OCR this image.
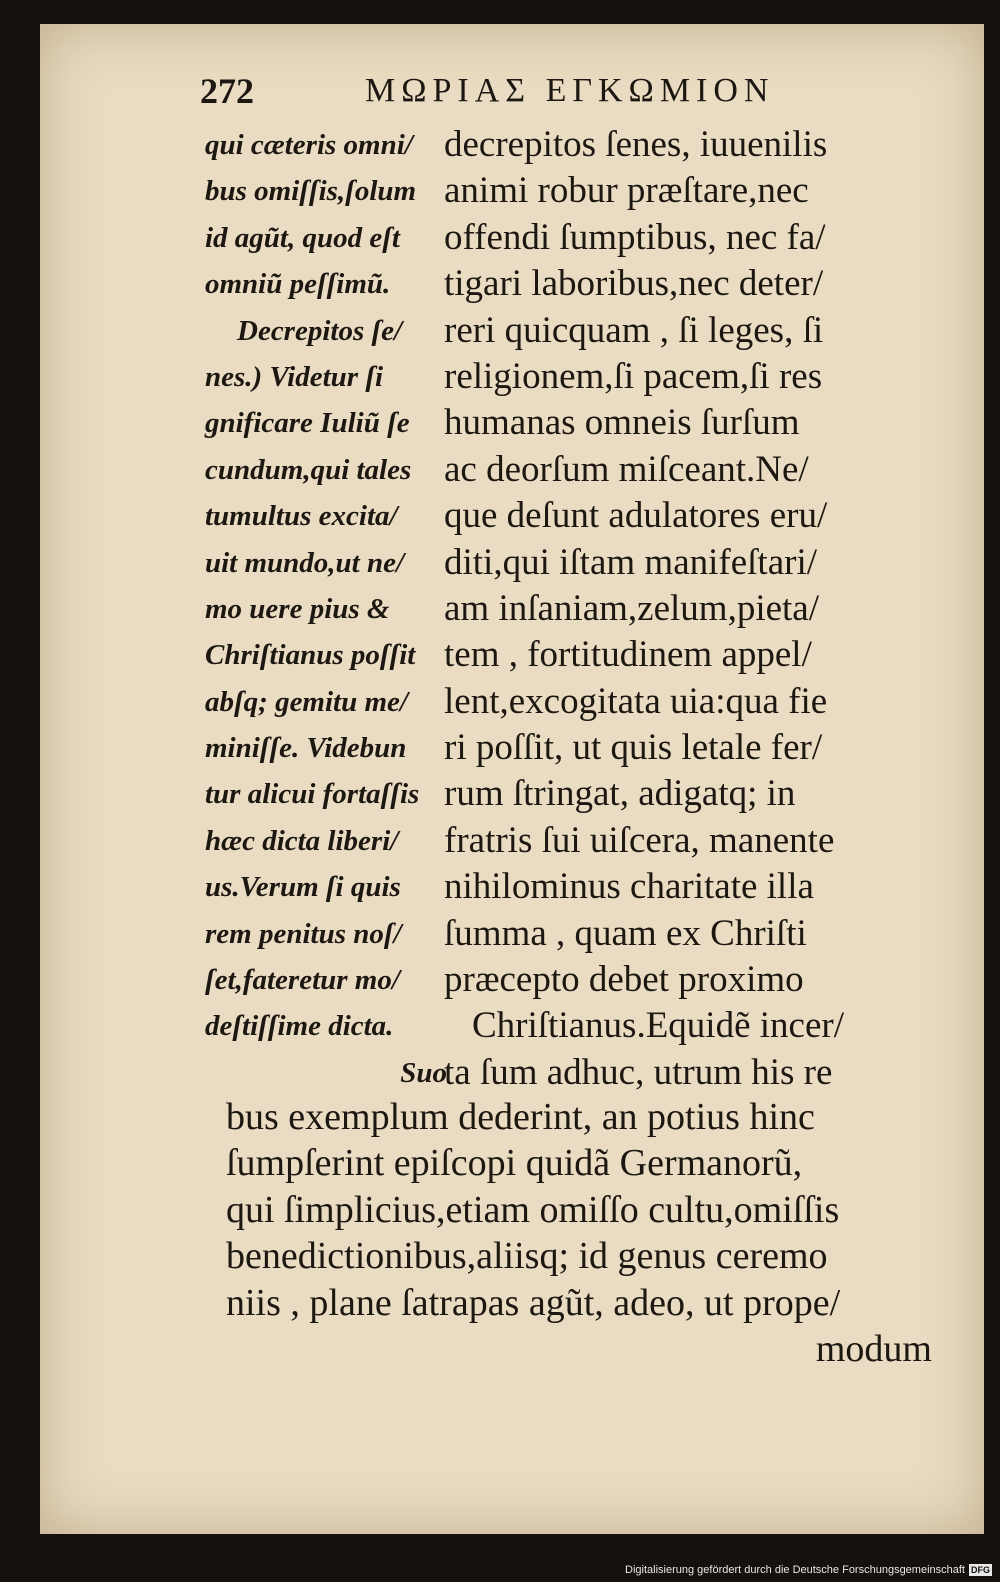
272	ΜΩΡΙΑΣ ΕΓΚΩΜΙΟΝ
qui cæteris omni/
bus omiſſis,ſolum
id agũt, quod eſt
omniũ peſſimũ.
Decrepitos ſe/
nes.) Videtur ſi
gnificare Iuliũ ſe
cundum,qui tales
tumultus excita/
uit mundo,ut ne/
mo uere pius &
Chriſtianus poſſit
abſq; gemitu me/
miniſſe. Videbun
tur alicui fortaſſis
hæc dicta liberi/
us.Verum ſi quis
rem penitus noſ/
ſet,fateretur mo/
deſtiſſime dicta.
Suo
decrepitos ſenes, iuuenilis
animi robur præſtare,nec
offendi ſumptibus, nec fa/
tigari laboribus,nec deter/
reri quicquam , ſi leges, ſi
religionem,ſi pacem,ſi res
humanas omneis ſurſum
ac deorſum miſceant.Ne/
que deſunt adulatores eru/
diti,qui iſtam manifeſtari/
am inſaniam,zelum,pieta/
tem , fortitudinem appel/
lent,excogitata uia:qua fie
ri poſſit, ut quis letale fer/
rum ſtringat, adigatq; in
fratris ſui uiſcera, manente
nihilominus charitate illa
ſumma , quam ex Chriſti
præcepto debet proximo
Chriſtianus.Equidẽ incer/
ta ſum adhuc, utrum his re
bus exemplum dederint, an potius hinc
ſumpſerint epiſcopi quidã Germanorũ,
qui ſimplicius,etiam omiſſo cultu,omiſſis
benedictionibus,aliisq; id genus ceremo
niis , plane ſatrapas agũt, adeo, ut prope/
modum
Digitalisierung gefördert durch die Deutsche Forschungsgemeinschaft DFG
